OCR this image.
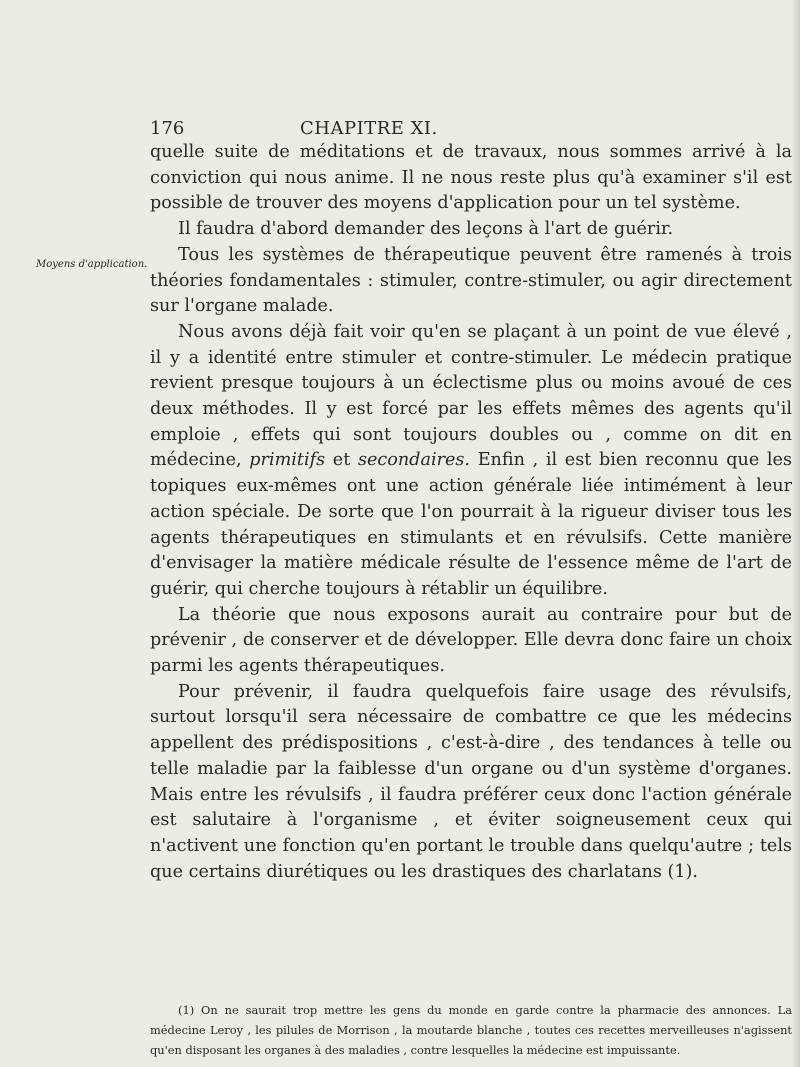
176	CHAPITRE XI.
Moyens d'application.

quelle suite de méditations et de travaux, nous sommes arrivé à la conviction qui nous anime. Il ne nous reste plus qu'à examiner s'il est possible de trouver des moyens d'application pour un tel système.

Il faudra d'abord demander des leçons à l'art de guérir.

Tous les systèmes de thérapeutique peuvent être ramenés à trois théories fondamentales : stimuler, contre-stimuler, ou agir directement sur l'organe malade.

Nous avons déjà fait voir qu'en se plaçant à un point de vue élevé , il y a identité entre stimuler et contre-stimuler. Le médecin pratique revient presque toujours à un éclectisme plus ou moins avoué de ces deux méthodes. Il y est forcé par les effets mêmes des agents qu'il emploie , effets qui sont toujours doubles ou , comme on dit en médecine, primitifs et secondaires. Enfin , il est bien reconnu que les topiques eux-mêmes ont une action générale liée intimément à leur action spéciale. De sorte que l'on pourrait à la rigueur diviser tous les agents thérapeutiques en stimulants et en révulsifs. Cette manière d'envisager la matière médicale résulte de l'essence même de l'art de guérir, qui cherche toujours à rétablir un équilibre.

La théorie que nous exposons aurait au contraire pour but de prévenir , de conserver et de développer. Elle devra donc faire un choix parmi les agents thérapeutiques.

Pour prévenir, il faudra quelquefois faire usage des révulsifs, surtout lorsqu'il sera nécessaire de combattre ce que les médecins appellent des prédispositions , c'est-à-dire , des tendances à telle ou telle maladie par la faiblesse d'un organe ou d'un système d'organes. Mais entre les révulsifs , il faudra préférer ceux donc l'action générale est salutaire à l'organisme , et éviter soigneusement ceux qui n'activent une fonction qu'en portant le trouble dans quelqu'autre ; tels que certains diurétiques ou les drastiques des charlatans (1).

(1) On ne saurait trop mettre les gens du monde en garde contre la pharmacie des annonces. La médecine Leroy , les pilules de Morrison , la moutarde blanche , toutes ces recettes merveilleuses n'agissent qu'en disposant les organes à des maladies , contre lesquelles la médecine est impuissante.
